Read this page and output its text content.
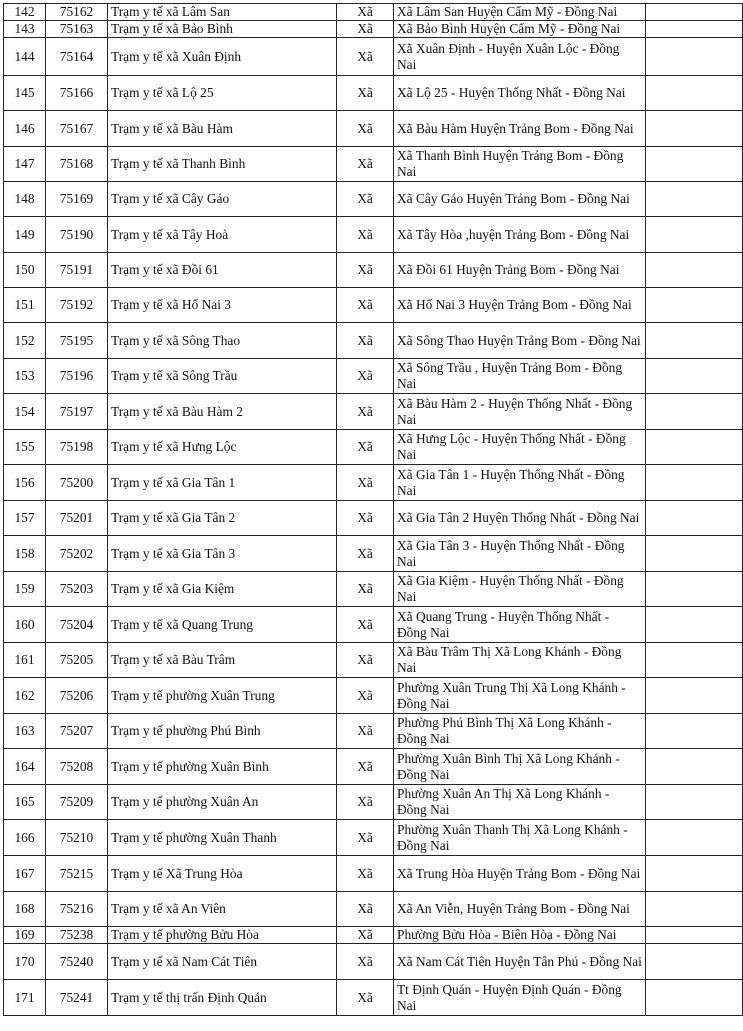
142	75162	Trạm y tế xã Lâm San	Xã	Xã Lâm San Huyện Cẩm Mỹ - Đồng Nai	
143	75163	Trạm y tế xã Bảo Bình	Xã	Xã Bảo Bình Huyện Cẩm Mỹ - Đồng Nai	
144	75164	Trạm y tế xã Xuân Định	Xã	Xã Xuân Định - Huyện Xuân Lộc - Đồng Nai	
145	75166	Trạm y tế xã Lộ 25	Xã	Xã Lộ 25 - Huyện Thống Nhất - Đồng Nai	
146	75167	Trạm y tế xã Bàu Hàm	Xã	Xã Bàu Hàm Huyện Trảng Bom - Đồng Nai	
147	75168	Trạm y tế xã Thanh Bình	Xã	Xã Thanh Bình Huyện Trảng Bom - Đồng Nai	
148	75169	Trạm y tế xã Cây Gáo	Xã	Xã Cây Gáo Huyện Trảng Bom - Đồng Nai	
149	75190	Trạm y tế xã Tây Hoà	Xã	Xã Tây Hòa ,huyện Trảng Bom - Đồng Nai	
150	75191	Trạm y tế xã Đồi 61	Xã	Xã Đồi 61 Huyện Trảng Bom - Đồng Nai	
151	75192	Trạm y tế xã Hố Nai 3	Xã	Xã Hố Nai 3 Huyện Trảng Bom - Đồng Nai	
152	75195	Trạm y tế xã Sông Thao	Xã	Xã Sông Thao Huyện Trảng Bom - Đồng Nai	
153	75196	Trạm y tế xã Sông Trầu	Xã	Xã Sông Trầu , Huyện Trảng Bom - Đồng Nai	
154	75197	Trạm y tế xã Bàu Hàm 2	Xã	Xã Bàu Hàm 2 - Huyện Thống Nhất - Đồng Nai	
155	75198	Trạm y tế xã Hưng Lộc	Xã	Xã Hưng Lộc - Huyện Thống Nhất - Đồng Nai	
156	75200	Trạm y tế xã Gia Tân 1	Xã	Xã Gia Tân 1 - Huyện Thống Nhất - Đồng Nai	
157	75201	Trạm y tế xã Gia Tân 2	Xã	Xã Gia Tân 2 Huyện Thống Nhất - Đồng Nai	
158	75202	Trạm y tế xã Gia Tân 3	Xã	Xã Gia Tân 3 - Huyện Thống Nhất - Đồng Nai	
159	75203	Trạm y tế xã Gia Kiệm	Xã	Xã Gia Kiệm - Huyện Thống Nhất - Đồng Nai	
160	75204	Trạm y tế xã Quang Trung	Xã	Xã Quang Trung - Huyện Thống Nhất - Đồng Nai	
161	75205	Trạm y tế xã Bàu Trâm	Xã	Xã Bàu Trâm Thị Xã Long Khánh - Đồng Nai	
162	75206	Trạm y tế phường Xuân Trung	Xã	Phường Xuân Trung Thị Xã Long Khánh - Đồng Nai	
163	75207	Trạm y tế phường Phú Bình	Xã	Phường Phú Bình Thị Xã Long Khánh - Đồng Nai	
164	75208	Trạm y tế phường Xuân Bình	Xã	Phường Xuân Bình Thị Xã Long Khánh - Đồng Nai	
165	75209	Trạm y tế phường Xuân An	Xã	Phường Xuân An Thị Xã Long Khánh - Đồng Nai	
166	75210	Trạm y tế phường Xuân Thanh	Xã	Phường Xuân Thanh Thị Xã Long Khánh - Đồng Nai	
167	75215	Trạm y tế Xã Trung Hòa	Xã	Xã Trung Hòa Huyện Trảng Bom - Đồng Nai	
168	75216	Trạm y tế xã An Viên	Xã	Xã An Viễn, Huyện Trảng Bom - Đồng Nai	
169	75238	Trạm y tế phường Bửu Hòa	Xã	Phường Bửu Hòa - Biên Hòa - Đồng Nai	
170	75240	Trạm y tế xã Nam Cát Tiên	Xã	Xã Nam Cát Tiên Huyện Tân Phú - Đồng Nai	
171	75241	Trạm y tế thị trấn Định Quán	Xã	Tt Định Quán - Huyện Định Quán - Đồng Nai	
